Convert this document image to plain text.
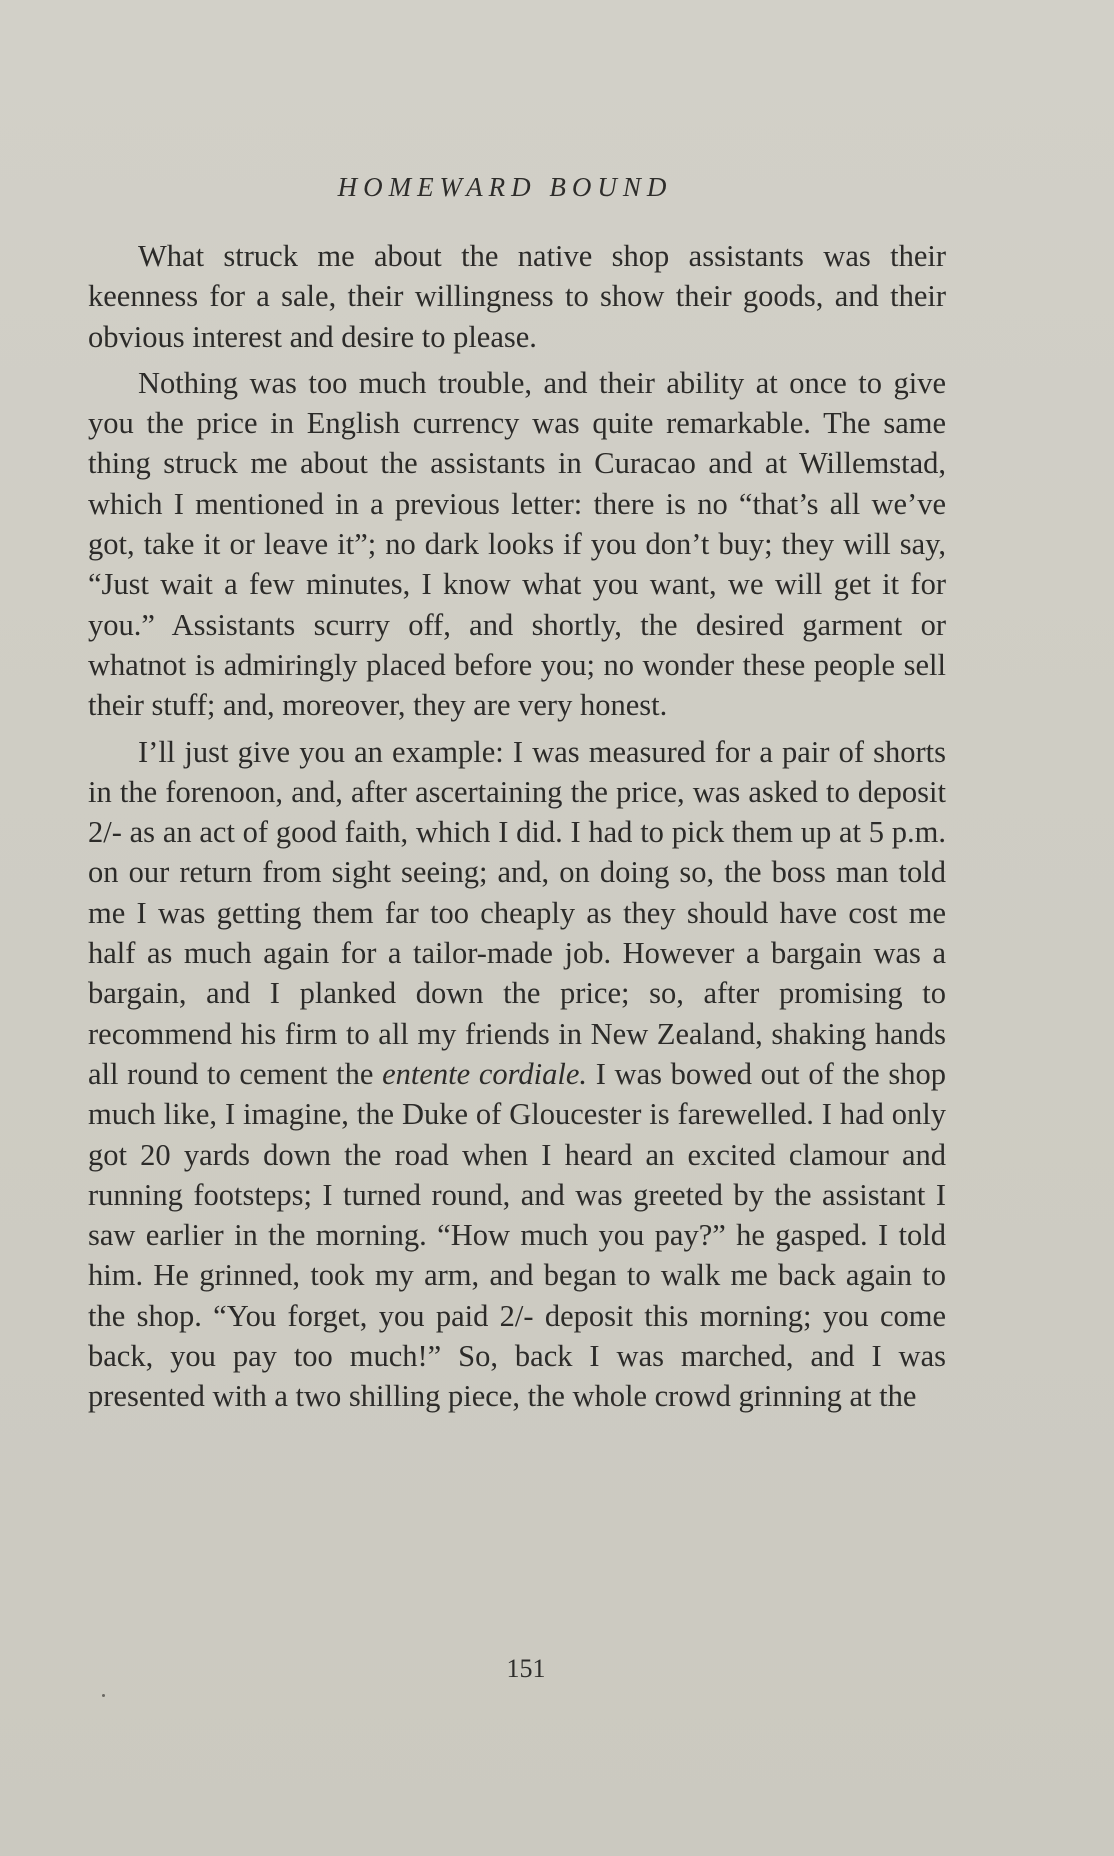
HOMEWARD BOUND

What struck me about the native shop assistants was their keenness for a sale, their willingness to show their goods, and their obvious interest and desire to please.

Nothing was too much trouble, and their ability at once to give you the price in English currency was quite remarkable. The same thing struck me about the assistants in Curacao and at Willemstad, which I mentioned in a previous letter: there is no “that’s all we’ve got, take it or leave it”; no dark looks if you don’t buy; they will say, “Just wait a few minutes, I know what you want, we will get it for you.” Assistants scurry off, and shortly, the desired garment or whatnot is admiringly placed before you; no wonder these people sell their stuff; and, moreover, they are very honest.

I’ll just give you an example: I was measured for a pair of shorts in the forenoon, and, after ascertaining the price, was asked to deposit 2/- as an act of good faith, which I did. I had to pick them up at 5 p.m. on our return from sight seeing; and, on doing so, the boss man told me I was getting them far too cheaply as they should have cost me half as much again for a tailor-made job. However a bargain was a bargain, and I planked down the price; so, after promising to recommend his firm to all my friends in New Zealand, shaking hands all round to cement the entente cordiale. I was bowed out of the shop much like, I imagine, the Duke of Gloucester is farewelled. I had only got 20 yards down the road when I heard an excited clamour and running footsteps; I turned round, and was greeted by the assistant I saw earlier in the morning. “How much you pay?” he gasped. I told him. He grinned, took my arm, and began to walk me back again to the shop. “You forget, you paid 2/- deposit this morning; you come back, you pay too much!” So, back I was marched, and I was presented with a two shilling piece, the whole crowd grinning at the

151
